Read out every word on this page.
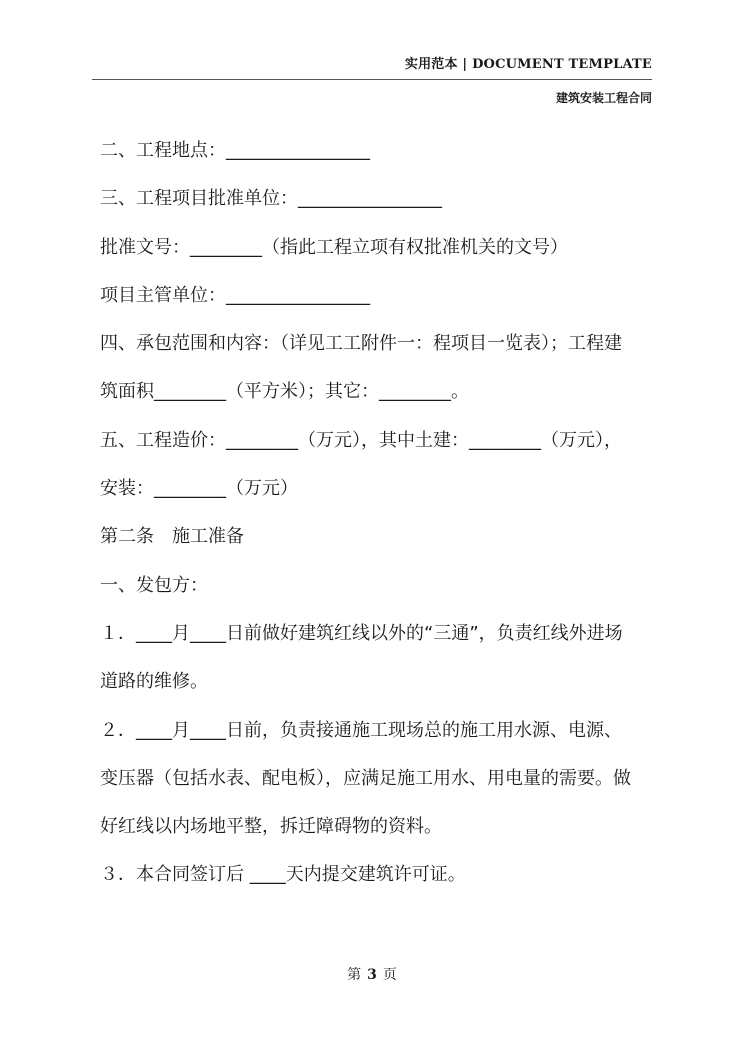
实用范本 | DOCUMENT TEMPLATE
建筑安装工程合同

二、工程地点：________________

三、工程项目批准单位：________________

批准文号：________（指此工程立项有权批准机关的文号）

项目主管单位：________________

四、承包范围和内容：（详见工工附件一：程项目一览表）；工程建

筑面积________（平方米）；其它：________。

五、工程造价：________（万元），其中土建：________（万元），

安装：________（万元）

第二条　施工准备

一、发包方：

１．____月____日前做好建筑红线以外的“三通”，负责红线外进场

道路的维修。

２．____月____日前，负责接通施工现场总的施工用水源、电源、

变压器（包括水表、配电板），应满足施工用水、用电量的需要。做

好红线以内场地平整，拆迁障碍物的资料。

３．本合同签订后 ____天内提交建筑许可证。

第 3 页
